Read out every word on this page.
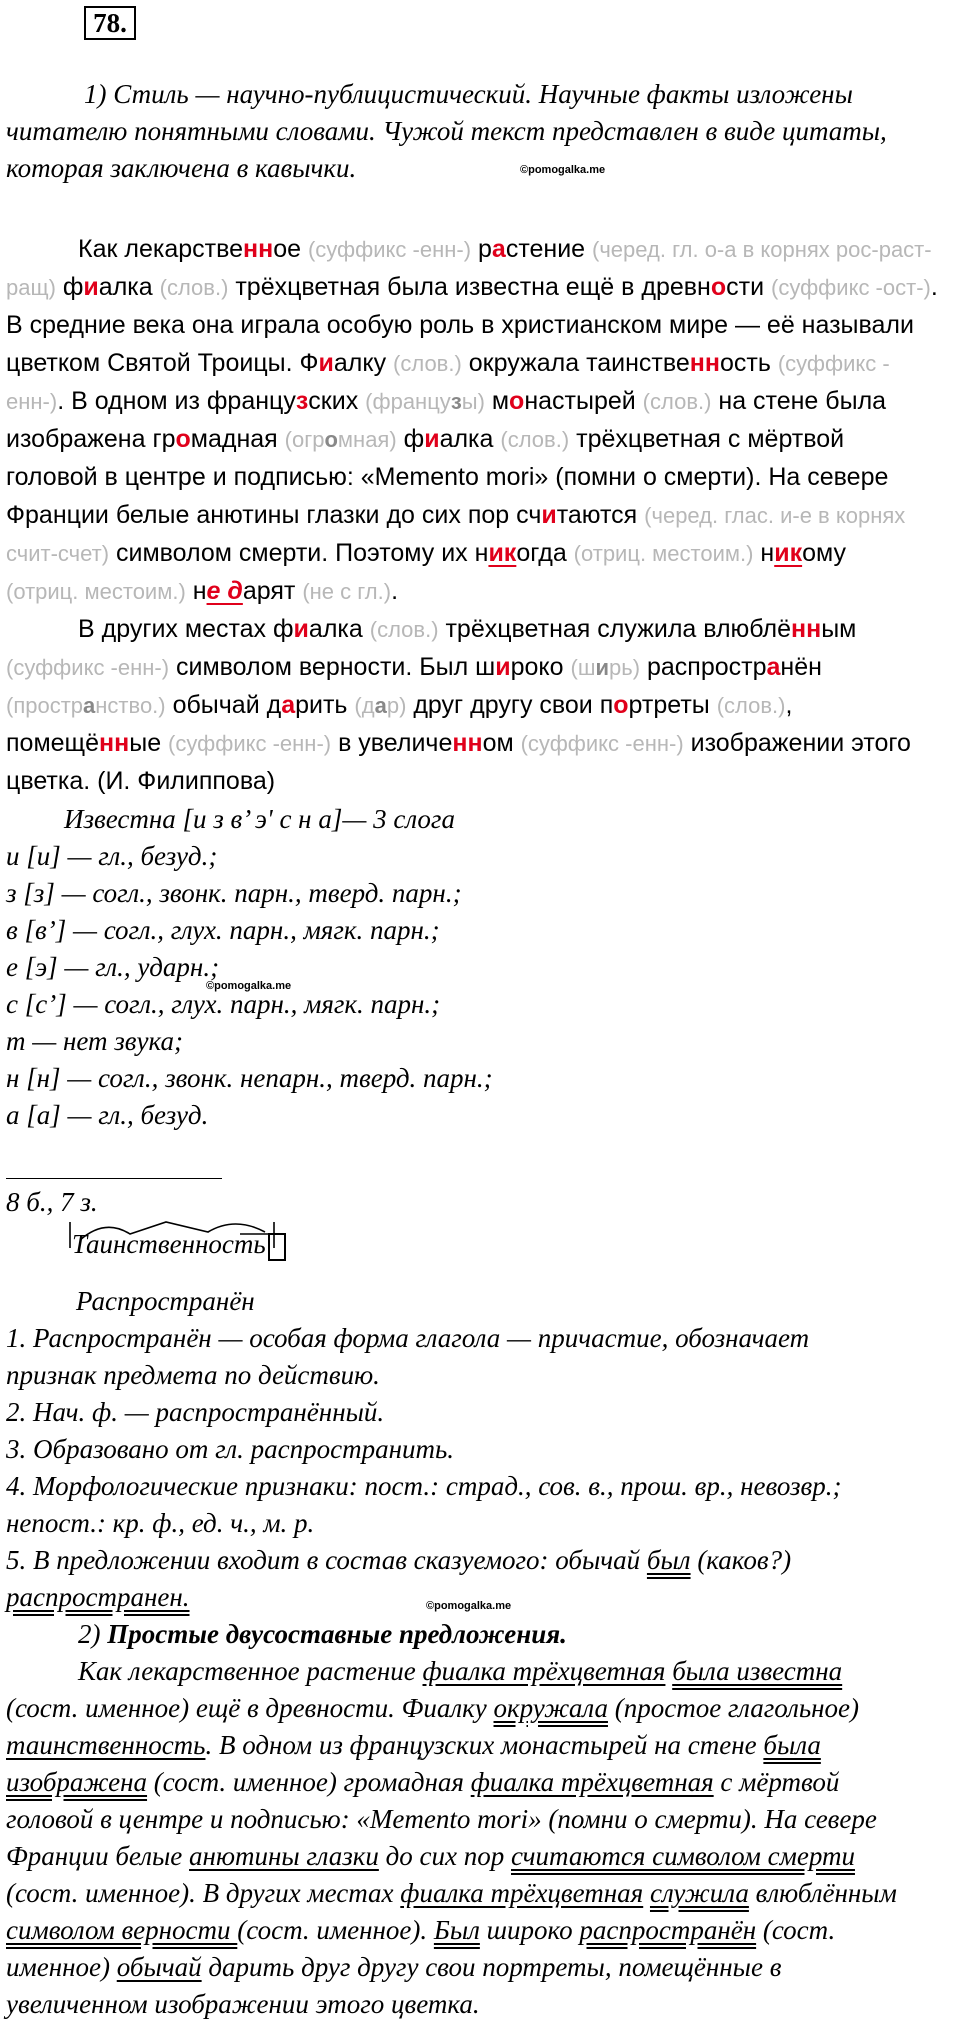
78.
1) Стиль — научно-публицистический. Научные факты изложены
читателю понятными словами. Чужой текст представлен в виде цитаты,
которая заключена в кавычки.	©pomogalka.me
Как лекарственное (суффикс -енн-) растение (черед. гл. о-а в корнях рос-раст-
ращ) фиалка (слов.) трёхцветная была известна ещё в древности (суффикс -ост-).
В средние века она играла особую роль в христианском мире — её называли
цветком Святой Троицы. Фиалку (слов.) окружала таинственность (суффикс -
енн-). В одном из французских (французы) монастырей (слов.) на стене была
изображена громадная (огромная) фиалка (слов.) трёхцветная с мёртвой
головой в центре и подписью: «Memento mori» (помни о смерти). На севере
Франции белые анютины глазки до сих пор считаются (черед. глас. и-е в корнях
счит-счет) символом смерти. Поэтому их никогда (отриц. местоим.) никому
(отриц. местоим.) не дарят (не с гл.).
В других местах фиалка (слов.) трёхцветная служила влюблённым
(суффикс -енн-) символом верности. Был широко (ширь) распространён
(пространство.) обычай дарить (дар) друг другу свои портреты (слов.),
помещённые (суффикс -енн-) в увеличенном (суффикс -енн-) изображении этого
цветка. (И. Филиппова)
Известна [и з в’ э' с н а]— 3 слога
и [и] — гл., безуд.;
з [з] — согл., звонк. парн., тверд. парн.;
в [в’] — согл., глух. парн., мягк. парн.;
е [э] — гл., ударн.;
©pomogalka.me
с [с’] — согл., глух. парн., мягк. парн.;
т — нет звука;
н [н] — согл., звонк. непарн., тверд. парн.;
а [а] — гл., безуд.
8 б., 7 з.
Таинственность
Распространён
1. Распространён — особая форма глагола — причастие, обозначает
признак предмета по действию.
2. Нач. ф. — распространённый.
3. Образовано от гл. распространить.
4. Морфологические признаки: пост.: страд., сов. в., прош. вр., невозвр.;
непост.: кр. ф., ед. ч., м. р.
5. В предложении входит в состав сказуемого: обычай был (каков?)
распространен.	©pomogalka.me
2) Простые двусоставные предложения.
Как лекарственное растение фиалка трёхцветная была известна
(сост. именное) ещё в древности. Фиалку окружала (простое глагольное)
таинственность. В одном из французских монастырей на стене была
изображена (сост. именное) громадная фиалка трёхцветная с мёртвой
головой в центре и подписью: «Memento mori» (помни о смерти). На севере
Франции белые анютины глазки до сих пор считаются символом смерти
(сост. именное). В других местах фиалка трёхцветная служила влюблённым
символом верности (сост. именное). Был широко распространён (сост.
именное) обычай дарить друг другу свои портреты, помещённые в
увеличенном изображении этого цветка.
